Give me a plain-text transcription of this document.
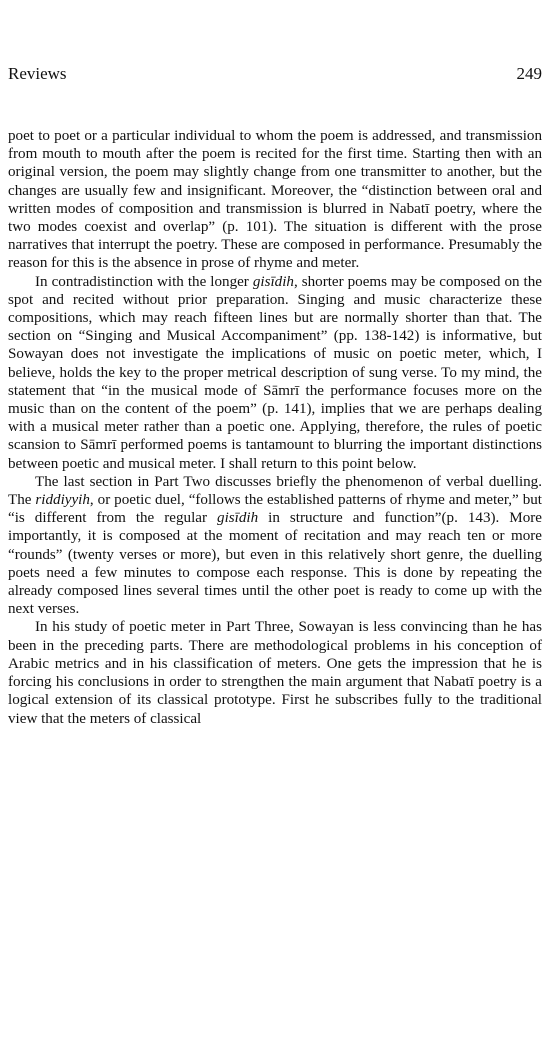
Reviews	249

poet to poet or a particular individual to whom the poem is addressed, and transmission from mouth to mouth after the poem is recited for the first time. Starting then with an original version, the poem may slightly change from one transmitter to another, but the changes are usually few and insignificant. Moreover, the “distinction between oral and written modes of composition and transmission is blurred in Nabatī poetry, where the two modes coexist and overlap” (p. 101). The situation is different with the prose narratives that interrupt the poetry. These are composed in performance. Presumably the reason for this is the absence in prose of rhyme and meter.

In contradistinction with the longer gisīdih, shorter poems may be composed on the spot and recited without prior preparation. Singing and music characterize these compositions, which may reach fifteen lines but are normally shorter than that. The section on “Singing and Musical Accompaniment” (pp. 138-142) is informative, but Sowayan does not investigate the implications of music on poetic meter, which, I believe, holds the key to the proper metrical description of sung verse. To my mind, the statement that “in the musical mode of Sāmrī the performance focuses more on the music than on the content of the poem” (p. 141), implies that we are perhaps dealing with a musical meter rather than a poetic one. Applying, therefore, the rules of poetic scansion to Sāmrī performed poems is tantamount to blurring the important distinctions between poetic and musical meter. I shall return to this point below.

The last section in Part Two discusses briefly the phenomenon of verbal duelling. The riddiyyih, or poetic duel, “follows the established patterns of rhyme and meter,” but “is different from the regular gisīdih in structure and function”(p. 143). More importantly, it is composed at the moment of recitation and may reach ten or more “rounds” (twenty verses or more), but even in this relatively short genre, the duelling poets need a few minutes to compose each response. This is done by repeating the already composed lines several times until the other poet is ready to come up with the next verses.

In his study of poetic meter in Part Three, Sowayan is less convincing than he has been in the preceding parts. There are methodological problems in his conception of Arabic metrics and in his classification of meters. One gets the impression that he is forcing his conclusions in order to strengthen the main argument that Nabatī poetry is a logical extension of its classical prototype. First he subscribes fully to the traditional view that the meters of classical
